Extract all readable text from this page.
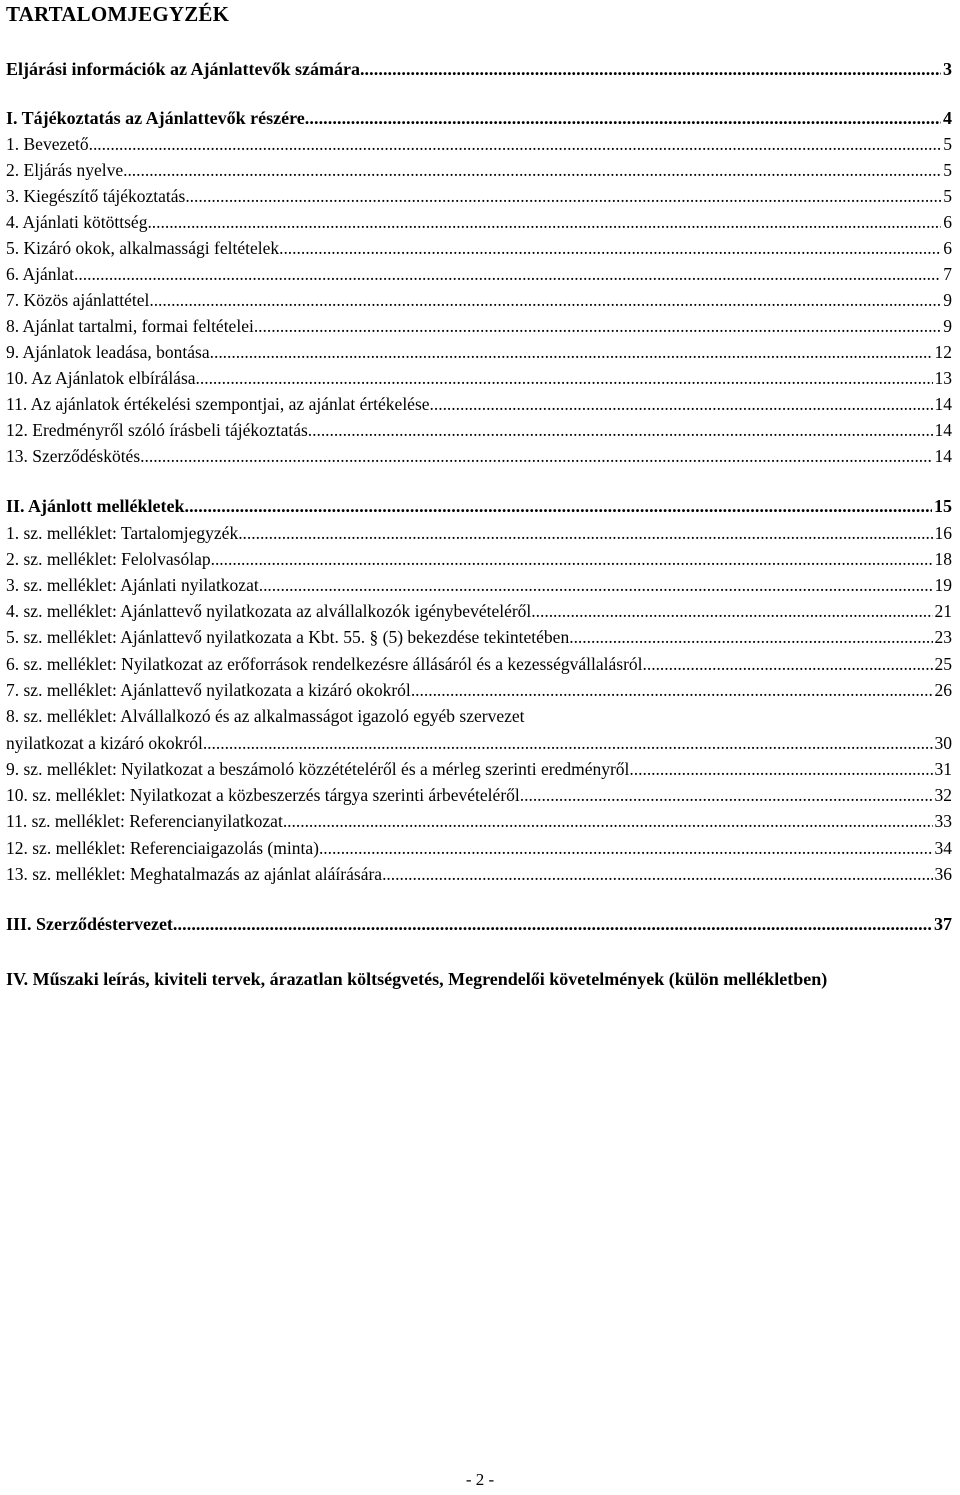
TARTALOMJEGYZÉK
Eljárási információk az Ajánlattevők számára . . .	3
I. Tájékoztatás az Ajánlattevők részére . . .	4
1. Bevezető . . .	5
2. Eljárás nyelve . . .	5
3. Kiegészítő tájékoztatás . . .	5
4. Ajánlati kötöttség . . .	6
5. Kizáró okok, alkalmassági feltételek . . .	6
6. Ajánlat . . .	7
7. Közös ajánlattétel . . .	9
8. Ajánlat tartalmi, formai feltételei . . .	9
9. Ajánlatok leadása, bontása . . .	12
10. Az Ajánlatok elbírálása . . .	13
11. Az ajánlatok értékelési szempontjai, az ajánlat értékelése . . .	14
12. Eredményről szóló írásbeli tájékoztatás . . .	14
13. Szerződéskötés . . .	14
II. Ajánlott mellékletek . . .	15
1. sz. melléklet: Tartalomjegyzék . . .	16
2. sz. melléklet: Felolvasólap . . .	18
3. sz. melléklet: Ajánlati nyilatkozat . . .	19
4. sz. melléklet: Ajánlattevő nyilatkozata az alvállalkozók igénybevételéről . . .	21
5. sz. melléklet: Ajánlattevő nyilatkozata a Kbt. 55. § (5) bekezdése tekintetében . . .	23
6. sz. melléklet: Nyilatkozat az erőforrások rendelkezésre állásáról és a kezességvállalásról . . .	25
7. sz. melléklet: Ajánlattevő nyilatkozata a kizáró okokról . . .	26
8. sz. melléklet: Alvállalkozó és az alkalmasságot igazoló egyéb szervezet
nyilatkozat a kizáró okokról . . .	30
9. sz. melléklet: Nyilatkozat a beszámoló közzétételéről és a mérleg szerinti eredményről . . .	31
10. sz. melléklet: Nyilatkozat a közbeszerzés tárgya szerinti árbevételéről . . .	32
11. sz. melléklet: Referencianyilatkozat . . .	33
12. sz. melléklet: Referenciaigazolás (minta) . . .	34
13. sz. melléklet: Meghatalmazás az ajánlat aláírására . . .	36
III. Szerződéstervezet . . .	37
IV. Műszaki leírás, kiviteli tervek, árazatlan költségvetés, Megrendelői követelmények (külön mellékletben)
- 2 -
